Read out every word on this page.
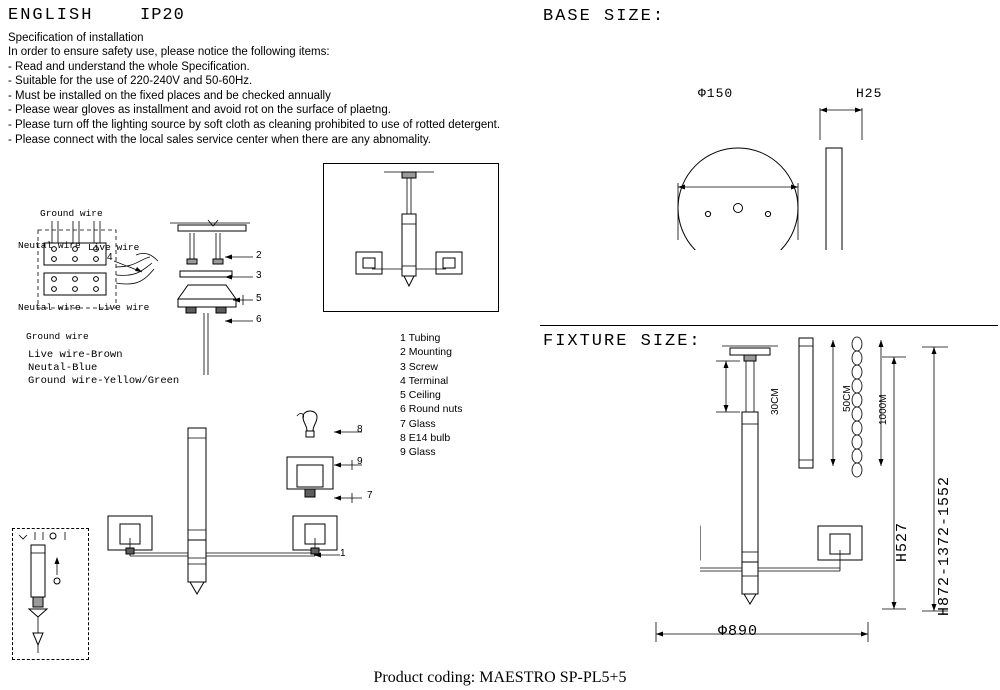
ENGLISH	IP20
Specification of installation
In order to ensure safety use, please notice the following items:
- Read and understand the whole Specification.
- Suitable for the use of 220-240V and 50-60Hz.
- Must be installed on the fixed places and be checked annually
- Please wear gloves as installment and avoid rot on the surface of plaetng.
- Please turn off the lighting source by soft cloth as cleaning prohibited to use of rotted detergent.
- Please connect with the local sales service center when there are any abnomality.
BASE SIZE:
Φ150	H25
FIXTURE SIZE:
Ground wire
Neutal wire Live wire
Neutal wire Live wire
Ground wire
Live wire-Brown
Neutal-Blue
Ground wire-Yellow/Green
2
3
5
6
4
1 Tubing
2 Mounting
3 Screw
4 Terminal
5 Ceiling
6 Round nuts
7 Glass
8 E14 bulb
9 Glass
8
9
7
1
30CM	50CM	1000M
H527 H872-1372-1552
Φ890
Product coding: MAESTRO SP-PL5+5
